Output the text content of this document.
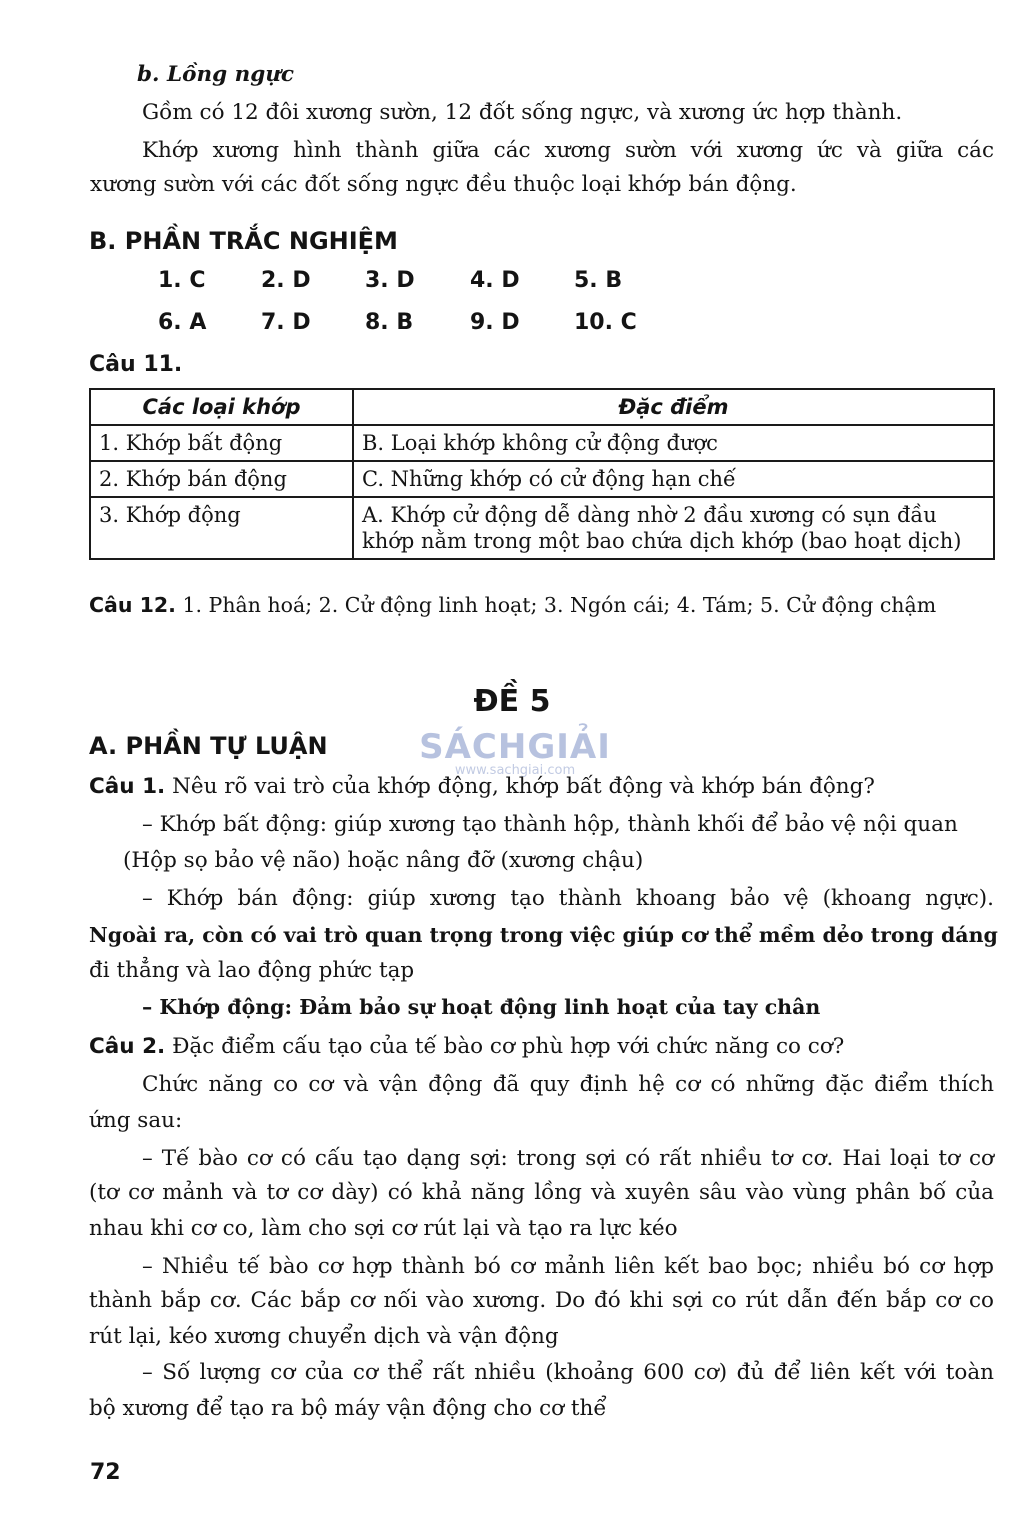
b. Lồng ngực

Gồm có 12 đôi xương sườn, 12 đốt sống ngực, và xương ức hợp thành.

Khớp xương hình thành giữa các xương sườn với xương ức và giữa các

xương sườn với các đốt sống ngực đều thuộc loại khớp bán động.

B. PHẦN TRẮC NGHIỆM

1. C	2. D 3. D	4. D 5. B
6. A 7. D 8. B	9. D 10. C
Câu 11.
Các loại khớp	Đặc điểm
1. Khớp bất động	B. Loại khớp không cử động được
2. Khớp bán động	C. Những khớp có cử động hạn chế
3. Khớp động	A. Khớp cử động dễ dàng nhờ 2 đầu xương có sụn đầu
khớp nằm trong một bao chứa dịch khớp (bao hoạt dịch)

Câu 12. 1. Phân hoá; 2. Cử động linh hoạt; 3. Ngón cái; 4. Tám; 5. Cử động chậm

ĐỀ 5
SÁCHGIẢI
www.sachgiai.com

A. PHẦN TỰ LUẬN

Câu 1. Nêu rõ vai trò của khớp động, khớp bất động và khớp bán động?

– Khớp bất động: giúp xương tạo thành hộp, thành khối để bảo vệ nội quan

(Hộp sọ bảo vệ não) hoặc nâng đỡ (xương chậu)

– Khớp bán động: giúp xương tạo thành khoang bảo vệ (khoang ngực).

Ngoài ra, còn có vai trò quan trọng trong việc giúp cơ thể mềm dẻo trong dáng

đi thẳng và lao động phức tạp

– Khớp động: Đảm bảo sự hoạt động linh hoạt của tay chân

Câu 2. Đặc điểm cấu tạo của tế bào cơ phù hợp với chức năng co cơ?

Chức năng co cơ và vận động đã quy định hệ cơ có những đặc điểm thích

ứng sau:

– Tế bào cơ có cấu tạo dạng sợi: trong sợi có rất nhiều tơ cơ. Hai loại tơ cơ

(tơ cơ mảnh và tơ cơ dày) có khả năng lồng và xuyên sâu vào vùng phân bố của

nhau khi cơ co, làm cho sợi cơ rút lại và tạo ra lực kéo

– Nhiều tế bào cơ hợp thành bó cơ mảnh liên kết bao bọc; nhiều bó cơ hợp

thành bắp cơ. Các bắp cơ nối vào xương. Do đó khi sợi co rút dẫn đến bắp cơ co

rút lại, kéo xương chuyển dịch và vận động

– Số lượng cơ của cơ thể rất nhiều (khoảng 600 cơ) đủ để liên kết với toàn

bộ xương để tạo ra bộ máy vận động cho cơ thể

72
